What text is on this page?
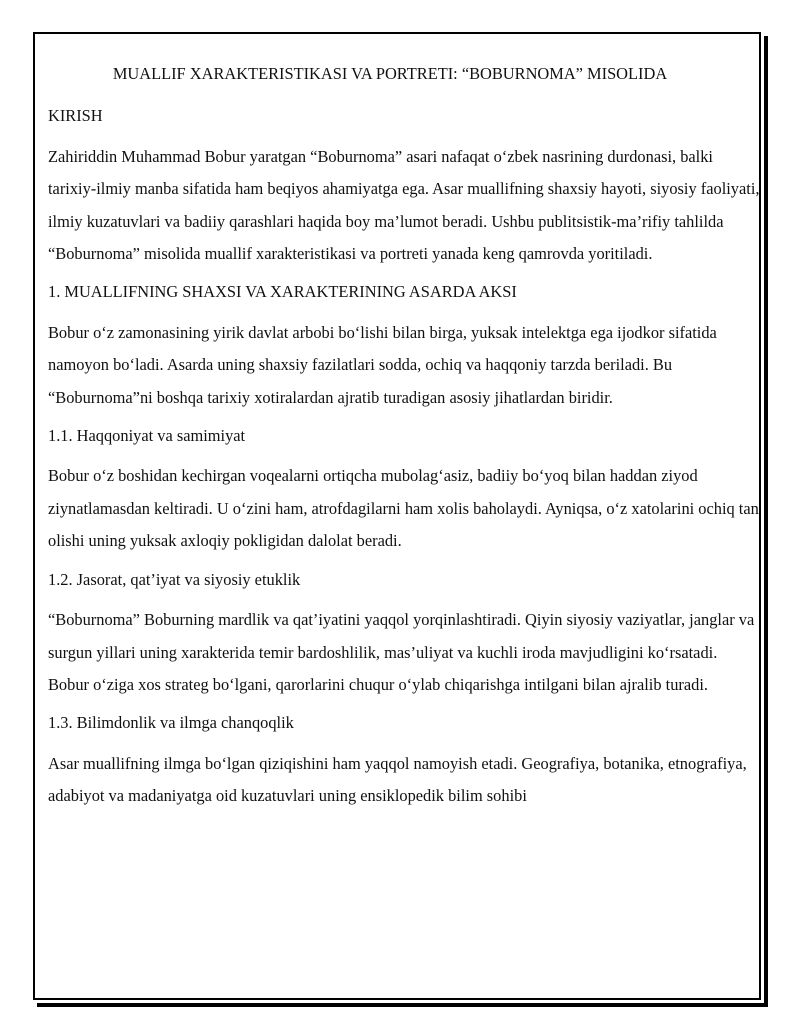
MUALLIF XARAKTERISTIKASI VA PORTRETI: “BOBURNOMA” MISOLIDA

KIRISH

Zahiriddin Muhammad Bobur yaratgan “Boburnoma” asari nafaqat o‘zbek nasrining durdonasi, balki tarixiy-ilmiy manba sifatida ham beqiyos ahamiyatga ega. Asar muallifning shaxsiy hayoti, siyosiy faoliyati, ilmiy kuzatuvlari va badiiy qarashlari haqida boy ma’lumot beradi. Ushbu publitsistik-ma’rifiy tahlilda “Boburnoma” misolida muallif xarakteristikasi va portreti yanada keng qamrovda yoritiladi.

1. MUALLIFNING SHAXSI VA XARAKTERINING ASARDA AKSI

Bobur o‘z zamonasining yirik davlat arbobi bo‘lishi bilan birga, yuksak intelektga ega ijodkor sifatida namoyon bo‘ladi. Asarda uning shaxsiy fazilatlari sodda, ochiq va haqqoniy tarzda beriladi. Bu “Boburnoma”ni boshqa tarixiy xotiralardan ajratib turadigan asosiy jihatlardan biridir.

1.1. Haqqoniyat va samimiyat

Bobur o‘z boshidan kechirgan voqealarni ortiqcha mubolag‘asiz, badiiy bo‘yoq bilan haddan ziyod ziynatlamasdan keltiradi. U o‘zini ham, atrofdagilarni ham xolis baholaydi. Ayniqsa, o‘z xatolarini ochiq tan olishi uning yuksak axloqiy pokligidan dalolat beradi.

1.2. Jasorat, qat’iyat va siyosiy etuklik

“Boburnoma” Boburning mardlik va qat’iyatini yaqqol yorqinlashtiradi. Qiyin siyosiy vaziyatlar, janglar va surgun yillari uning xarakterida temir bardoshlilik, mas’uliyat va kuchli iroda mavjudligini ko‘rsatadi. Bobur o‘ziga xos strateg bo‘lgani, qarorlarini chuqur o‘ylab chiqarishga intilgani bilan ajralib turadi.

1.3. Bilimdonlik va ilmga chanqoqlik

Asar muallifning ilmga bo‘lgan qiziqishini ham yaqqol namoyish etadi. Geografiya, botanika, etnografiya, adabiyot va madaniyatga oid kuzatuvlari uning ensiklopedik bilim sohibi
